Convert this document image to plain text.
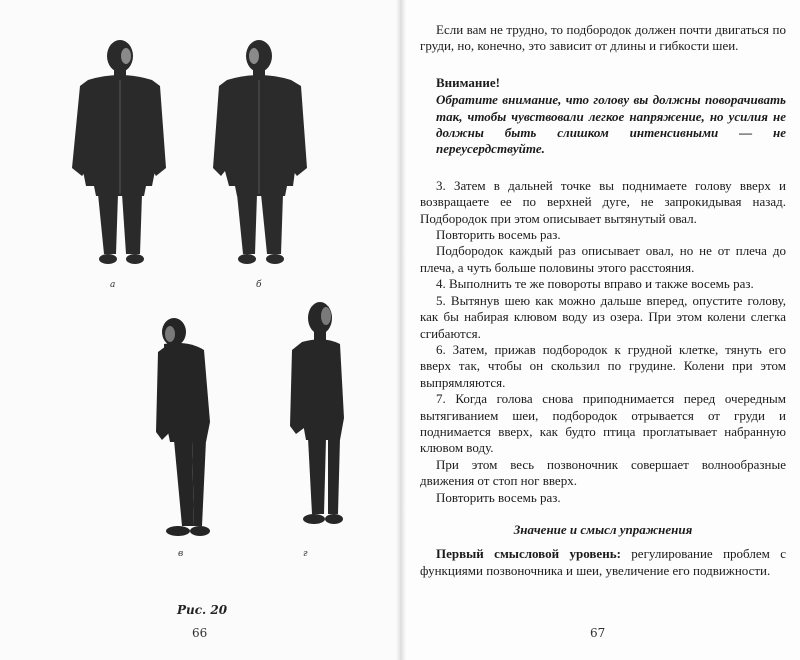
а	б
в	г
Рис. 20
66

Если вам не трудно, то подбородок должен почти двигаться по груди, но, конечно, это зависит от длины и гибкости шеи.

Внимание!

Обратите внимание, что голову вы должны поворачивать так, чтобы чувствовали легкое напряжение, но усилия не должны быть слишком интенсивными — не переусердствуйте.

3. Затем в дальней точке вы поднимаете голову вверх и возвращаете ее по верхней дуге, не запрокидывая назад. Подбородок при этом описывает вытянутый овал.

Повторить восемь раз.

Подбородок каждый раз описывает овал, но не от плеча до плеча, а чуть больше половины этого расстояния.

4. Выполнить те же повороты вправо и также восемь раз.

5. Вытянув шею как можно дальше вперед, опустите голову, как бы набирая клювом воду из озера. При этом колени слегка сгибаются.

6. Затем, прижав подбородок к грудной клетке, тянуть его вверх так, чтобы он скользил по грудине. Колени при этом выпрямляются.

7. Когда голова снова приподнимается перед очередным вытягиванием шеи, подбородок отрывается от груди и поднимается вверх, как будто птица проглатывает набранную клювом воду.

При этом весь позвоночник совершает волнообразные движения от стоп ног вверх.

Повторить восемь раз.

Значение и смысл упражнения

Первый смысловой уровень: регулирование проблем с функциями позвоночника и шеи, увеличение его подвижности.

67
